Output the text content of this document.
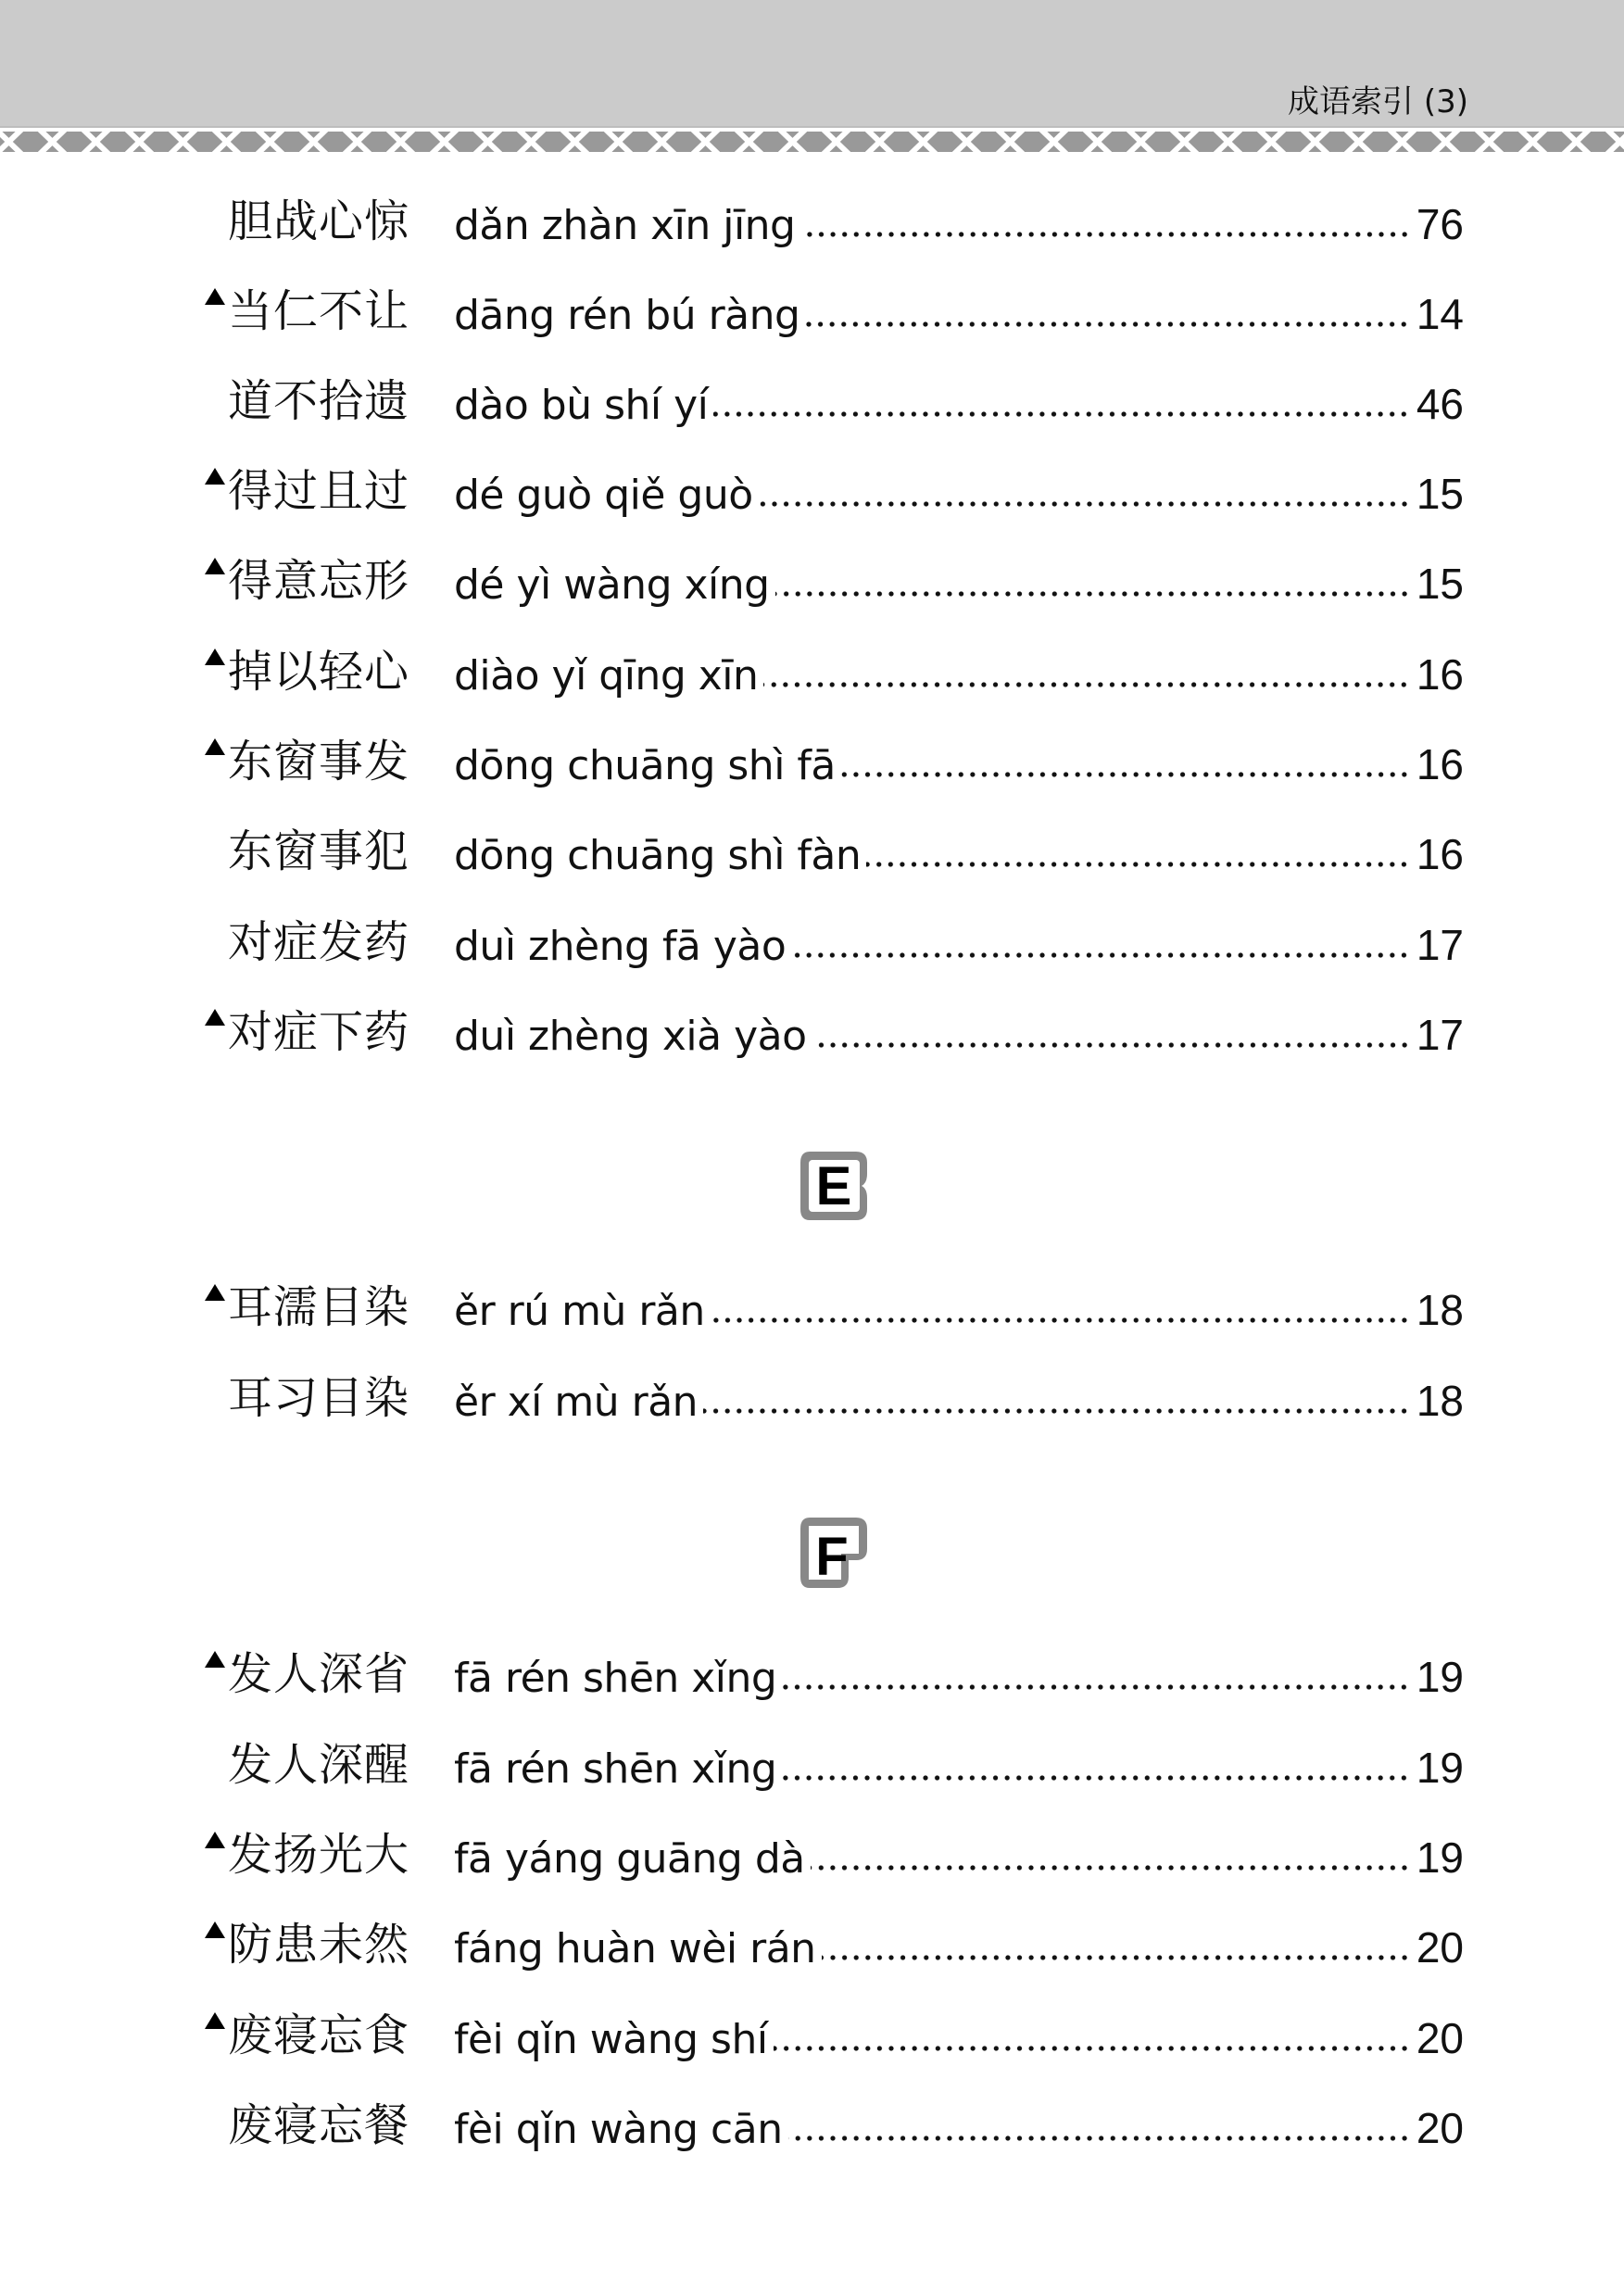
成语索引 (3)
胆战心惊 dǎn zhàn xīn jīng	76
当仁不让 dāng rén bú ràng	14
道不拾遗 dào bù shí yí	46
得过且过 dé guò qiě guò	15
得意忘形 dé yì wàng xíng	15
掉以轻心 diào yǐ qīng xīn	16
东窗事发 dōng chuāng shì fā	16
东窗事犯 dōng chuāng shì fàn	16
对症发药 duì zhèng fā yào	17
对症下药 duì zhèng xià yào	17
E
耳濡目染 ěr rú mù rǎn	18
耳习目染 ěr xí mù rǎn	18
F
发人深省 fā rén shēn xǐng	19
发人深醒 fā rén shēn xǐng	19
发扬光大 fā yáng guāng dà	19
防患未然 fáng huàn wèi rán	20
废寝忘食 fèi qǐn wàng shí	20
废寝忘餐 fèi qǐn wàng cān	20
